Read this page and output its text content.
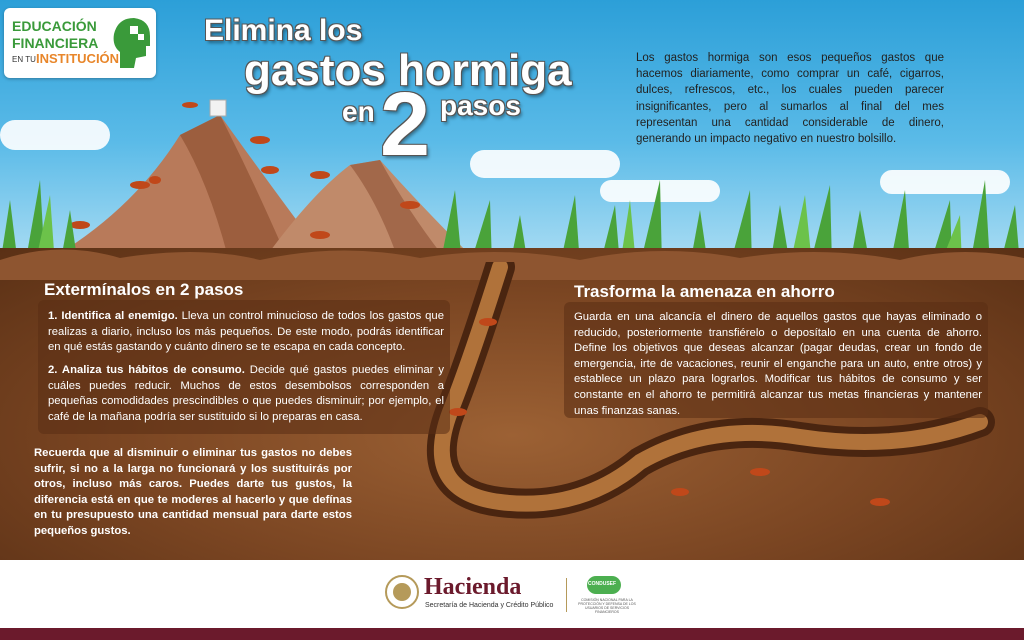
EDUCACIÓN
FINANCIERA
EN TU INSTITUCIÓN
Elimina los
gastos hormiga
en 2 pasos
Los gastos hormiga son esos pequeños gastos que hacemos diariamente, como comprar un café, cigarros, dulces, refrescos, etc., los cuales pueden parecer insignificantes, pero al sumarlos al final del mes representan una cantidad considerable de dinero, generando un impacto negativo en nuestro bolsillo.
Extermínalos en 2 pasos
1. Identifica al enemigo. Lleva un control minucioso de todos los gastos que realizas a diario, incluso los más pequeños. De este modo, podrás identificar en qué estás gastando y cuánto dinero se te escapa en cada concepto.
2. Analiza tus hábitos de consumo. Decide qué gastos puedes eliminar y cuáles puedes reducir. Muchos de estos desembolsos corresponden a pequeñas comodidades prescindibles o que puedes disminuir; por ejemplo, el café de la mañana podría ser sustituido si lo preparas en casa.
Recuerda que al disminuir o eliminar tus gastos no debes sufrir, si no a la larga no funcionará y los sustituirás por otros, incluso más caros. Puedes darte tus gustos, la diferencia está en que te moderes al hacerlo y que defínas en tu presupuesto una cantidad mensual para darte estos pequeños gustos.
Trasforma la amenaza en ahorro
Guarda en una alcancía el dinero de aquellos gastos que hayas eliminado o reducido, posteriormente transfiérelo o deposítalo en una cuenta de ahorro. Define los objetivos que deseas alcanzar (pagar deudas, crear un fondo de emergencia, irte de vacaciones, reunir el enganche para un auto, entre otros) y establece un plazo para lograrlos. Modificar tus hábitos de consumo y ser constante en el ahorro te permitirá alcanzar tus metas financieras y mantener unas finanzas sanas.
Hacienda
Secretaría de Hacienda y Crédito Público
CONDUSEF
COMISIÓN NACIONAL PARA LA PROTECCIÓN Y DEFENSA DE LOS USUARIOS DE SERVICIOS FINANCIEROS
